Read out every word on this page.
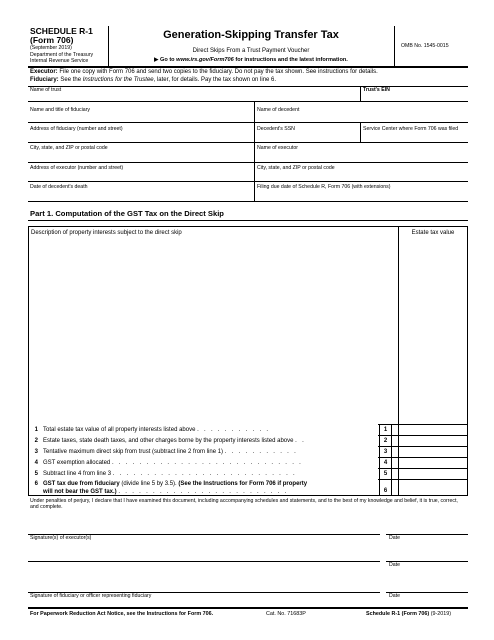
SCHEDULE R-1
(Form 706)
(September 2019)
Department of the Treasury
Internal Revenue Service
Generation-Skipping Transfer Tax
Direct Skips From a Trust Payment Voucher
▶ Go to www.irs.gov/Form706 for instructions and the latest information.
OMB No. 1545-0015
Executor: File one copy with Form 706 and send two copies to the fiduciary. Do not pay the tax shown. See instructions for details.
Fiduciary: See the Instructions for the Trustee, later, for details. Pay the tax shown on line 6.
Name of trust	Trust's EIN
Name and title of fiduciary	Name of decedent
Address of fiduciary (number and street)	Decedent's SSN	Service Center where Form 706 was filed
City, state, and ZIP or postal code	Name of executor
Address of executor (number and street)	City, state, and ZIP or postal code
Date of decedent's death	Filing due date of Schedule R, Form 706 (with extensions)
Part 1. Computation of the GST Tax on the Direct Skip
Description of property interests subject to the direct skip	Estate tax value
1 Total estate tax value of all property interests listed above . . . . . . . . . . .	1
2 Estate taxes, state death taxes, and other charges borne by the property interests listed above . .	2
3 Tentative maximum direct skip from trust (subtract line 2 from line 1) . . . . . . . . . . .	3
4 GST exemption allocated . . . . . . . . . . . . . . . . . . . . . . . . . . . .	4
5 Subtract line 4 from line 3 . . . . . . . . . . . . . . . . . . . . . . . . . . .	5
6 GST tax due from fiduciary (divide line 5 by 3.5). (See the Instructions for Form 706 if property
will not bear the GST tax.) . . . . . . . . . . . . . . . . . . . . . . . . .	6
Under penalties of perjury, I declare that I have examined this document, including accompanying schedules and statements, and to the best of my knowledge and belief, it is true, correct, and complete.
Signature(s) of executor(s)	Date
Date
Signature of fiduciary or officer representing fiduciary	Date
For Paperwork Reduction Act Notice, see the Instructions for Form 706.	Cat. No. 71683P	Schedule R-1 (Form 706) (9-2019)
